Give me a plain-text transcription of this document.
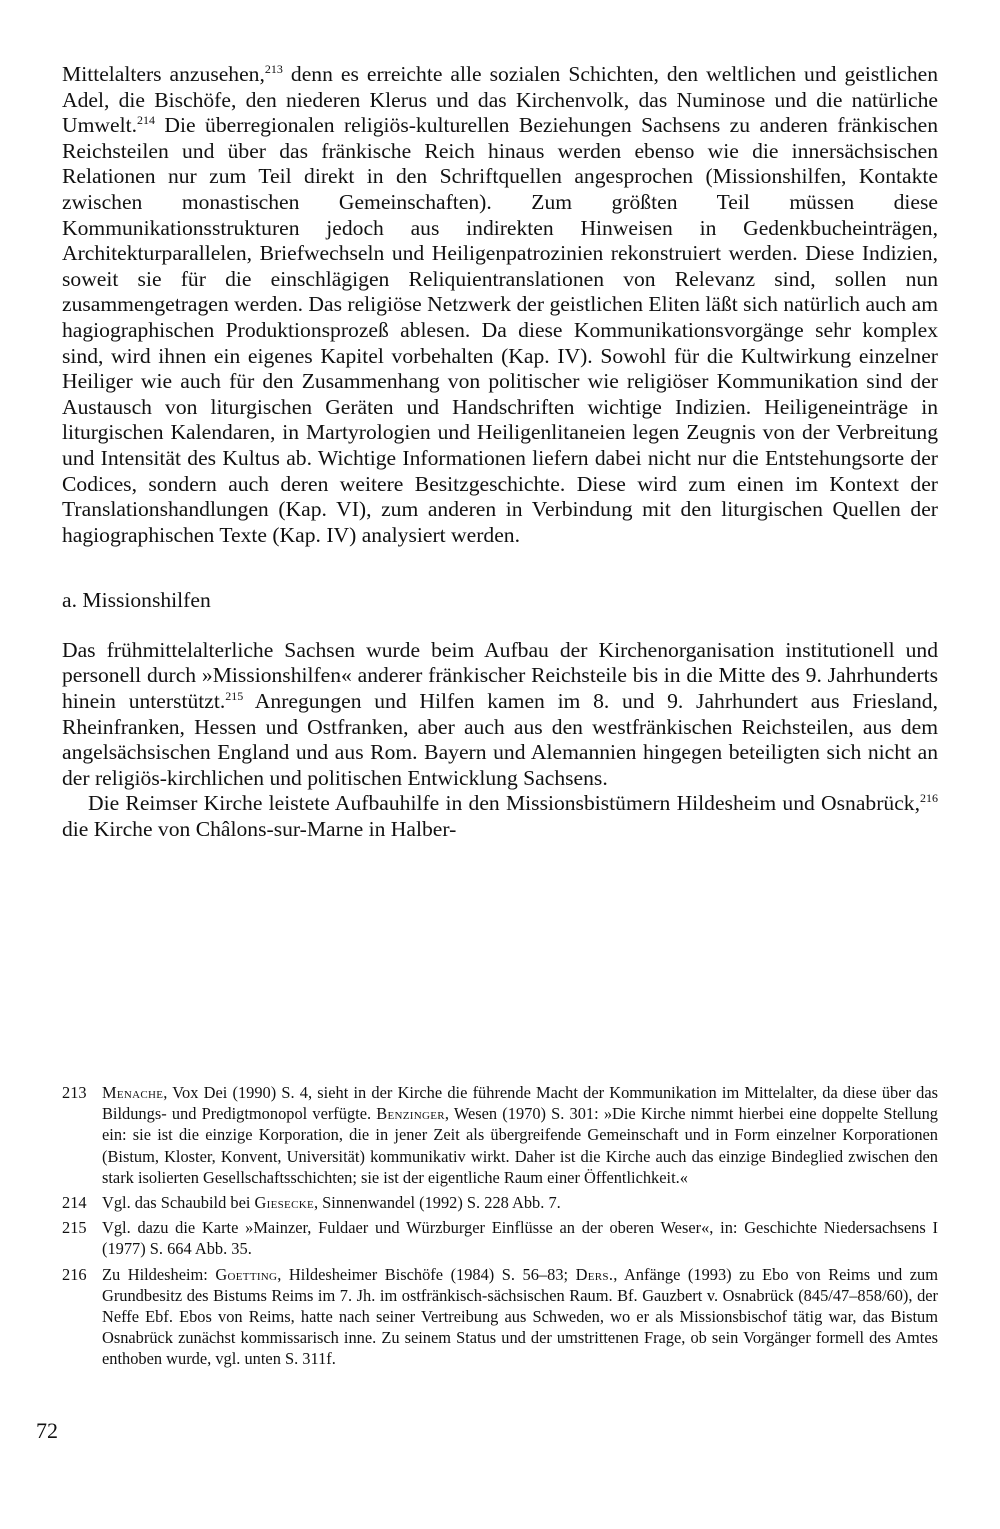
Mittelalters anzusehen,$^{213}$ denn es erreichte alle sozialen Schichten, den weltlichen und geistlichen Adel, die Bischöfe, den niederen Klerus und das Kirchenvolk, das Numinose und die natürliche Umwelt.$^{214}$ Die überregionalen religiös-kulturellen Beziehungen Sachsens zu anderen fränkischen Reichsteilen und über das fränkische Reich hinaus werden ebenso wie die innersächsischen Relationen nur zum Teil direkt in den Schriftquellen angesprochen (Missionshilfen, Kontakte zwischen monastischen Gemeinschaften). Zum größten Teil müssen diese Kommunikationsstrukturen jedoch aus indirekten Hinweisen in Gedenkbucheinträgen, Architekturparallelen, Briefwechseln und Heiligenpatrozinien rekonstruiert werden. Diese Indizien, soweit sie für die einschlägigen Reliquientranslationen von Relevanz sind, sollen nun zusammengetragen werden. Das religiöse Netzwerk der geistlichen Eliten läßt sich natürlich auch am hagiographischen Produktionsprozeß ablesen. Da diese Kommunikationsvorgänge sehr komplex sind, wird ihnen ein eigenes Kapitel vorbehalten (Kap. IV). Sowohl für die Kultwirkung einzelner Heiliger wie auch für den Zusammenhang von politischer wie religiöser Kommunikation sind der Austausch von liturgischen Geräten und Handschriften wichtige Indizien. Heiligeneinträge in liturgischen Kalendaren, in Martyrologien und Heiligenlitaneien legen Zeugnis von der Verbreitung und Intensität des Kultus ab. Wichtige Informationen liefern dabei nicht nur die Entstehungsorte der Codices, sondern auch deren weitere Besitzgeschichte. Diese wird zum einen im Kontext der Translationshandlungen (Kap. VI), zum anderen in Verbindung mit den liturgischen Quellen der hagiographischen Texte (Kap. IV) analysiert werden.

a. Missionshilfen

Das frühmittelalterliche Sachsen wurde beim Aufbau der Kirchenorganisation institutionell und personell durch »Missionshilfen« anderer fränkischer Reichsteile bis in die Mitte des 9. Jahrhunderts hinein unterstützt.$^{215}$ Anregungen und Hilfen kamen im 8. und 9. Jahrhundert aus Friesland, Rheinfranken, Hessen und Ostfranken, aber auch aus den westfränkischen Reichsteilen, aus dem angelsächsischen England und aus Rom. Bayern und Alemannien hingegen beteiligten sich nicht an der religiös-kirchlichen und politischen Entwicklung Sachsens.

Die Reimser Kirche leistete Aufbauhilfe in den Missionsbistümern Hildesheim und Osnabrück,$^{216}$ die Kirche von Châlons-sur-Marne in Halber-

213 Menache, Vox Dei (1990) S. 4, sieht in der Kirche die führende Macht der Kommunikation im Mittelalter, da diese über das Bildungs- und Predigtmonopol verfügte. Benzinger, Wesen (1970) S. 301: »Die Kirche nimmt hierbei eine doppelte Stellung ein: sie ist die einzige Korporation, die in jener Zeit als übergreifende Gemeinschaft und in Form einzelner Korporationen (Bistum, Kloster, Konvent, Universität) kommunikativ wirkt. Daher ist die Kirche auch das einzige Bindeglied zwischen den stark isolierten Gesellschaftsschichten; sie ist der eigentliche Raum einer Öffentlichkeit.«
214 Vgl. das Schaubild bei Giesecke, Sinnenwandel (1992) S. 228 Abb. 7.
215 Vgl. dazu die Karte »Mainzer, Fuldaer und Würzburger Einflüsse an der oberen Weser«, in: Geschichte Niedersachsens I (1977) S. 664 Abb. 35.
216 Zu Hildesheim: Goetting, Hildesheimer Bischöfe (1984) S. 56–83; Ders., Anfänge (1993) zu Ebo von Reims und zum Grundbesitz des Bistums Reims im 7. Jh. im ostfränkisch-sächsischen Raum. Bf. Gauzbert v. Osnabrück (845/47–858/60), der Neffe Ebf. Ebos von Reims, hatte nach seiner Vertreibung aus Schweden, wo er als Missionsbischof tätig war, das Bistum Osnabrück zunächst kommissarisch inne. Zu seinem Status und der umstrittenen Frage, ob sein Vorgänger formell des Amtes enthoben wurde, vgl. unten S. 311f.
72
